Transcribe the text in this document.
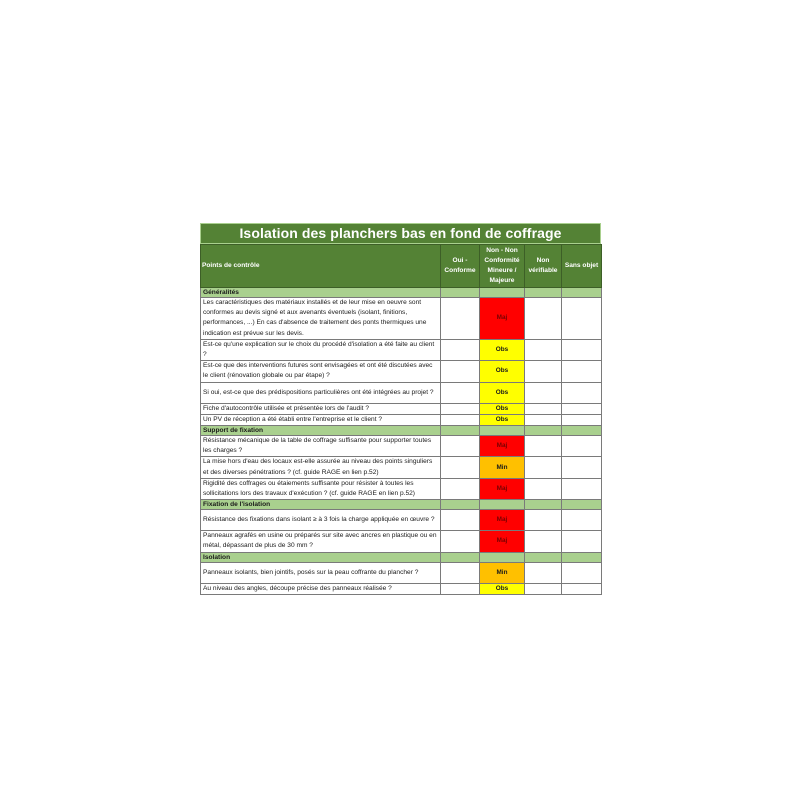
Isolation des planchers bas en fond de coffrage
Points de contrôle	Oui - Conforme	Non - Non Conformité Mineure / Majeure	Non vérifiable	Sans objet
Généralités				
Les caractéristiques des matériaux installés et de leur mise en oeuvre sont conformes au devis signé et aux avenants éventuels (isolant, finitions, performances, ...) En cas d'absence de traitement des ponts thermiques une indication est prévue sur les devis.		Maj		
Est-ce qu'une explication sur le choix du procédé d'isolation a été faite au client ?		Obs		
Est-ce que des interventions futures sont envisagées et ont été discutées avec le client (rénovation globale ou par étape) ?		Obs		
Si oui, est-ce que des prédispositions particulières ont été intégrées au projet ?		Obs		
Fiche d'autocontrôle utilisée et présentée lors de l'audit ?		Obs		
Un PV de réception a été établi entre l'entreprise et le client ?		Obs		
Support de fixation				
Résistance mécanique de la table de coffrage suffisante pour supporter toutes les charges ?		Maj		
La mise hors d'eau des locaux est-elle assurée au niveau des points singuliers et des diverses pénétrations ? (cf. guide RAGE en lien p.52)		Min		
Rigidité des coffrages ou étaiements suffisante pour résister à toutes les sollicitations lors des travaux d'exécution ? (cf. guide RAGE en lien p.52)		Maj		
Fixation de l'isolation				
Résistance des fixations dans isolant ≥ à 3 fois la charge appliquée en œuvre ?		Maj		
Panneaux agrafés en usine ou préparés sur site avec ancres en plastique ou en métal, dépassant de plus de 30 mm ?		Maj		
Isolation				
Panneaux isolants, bien jointifs, posés sur la peau coffrante du plancher ?		Min		
Au niveau des angles, découpe précise des panneaux réalisée ?		Obs		
